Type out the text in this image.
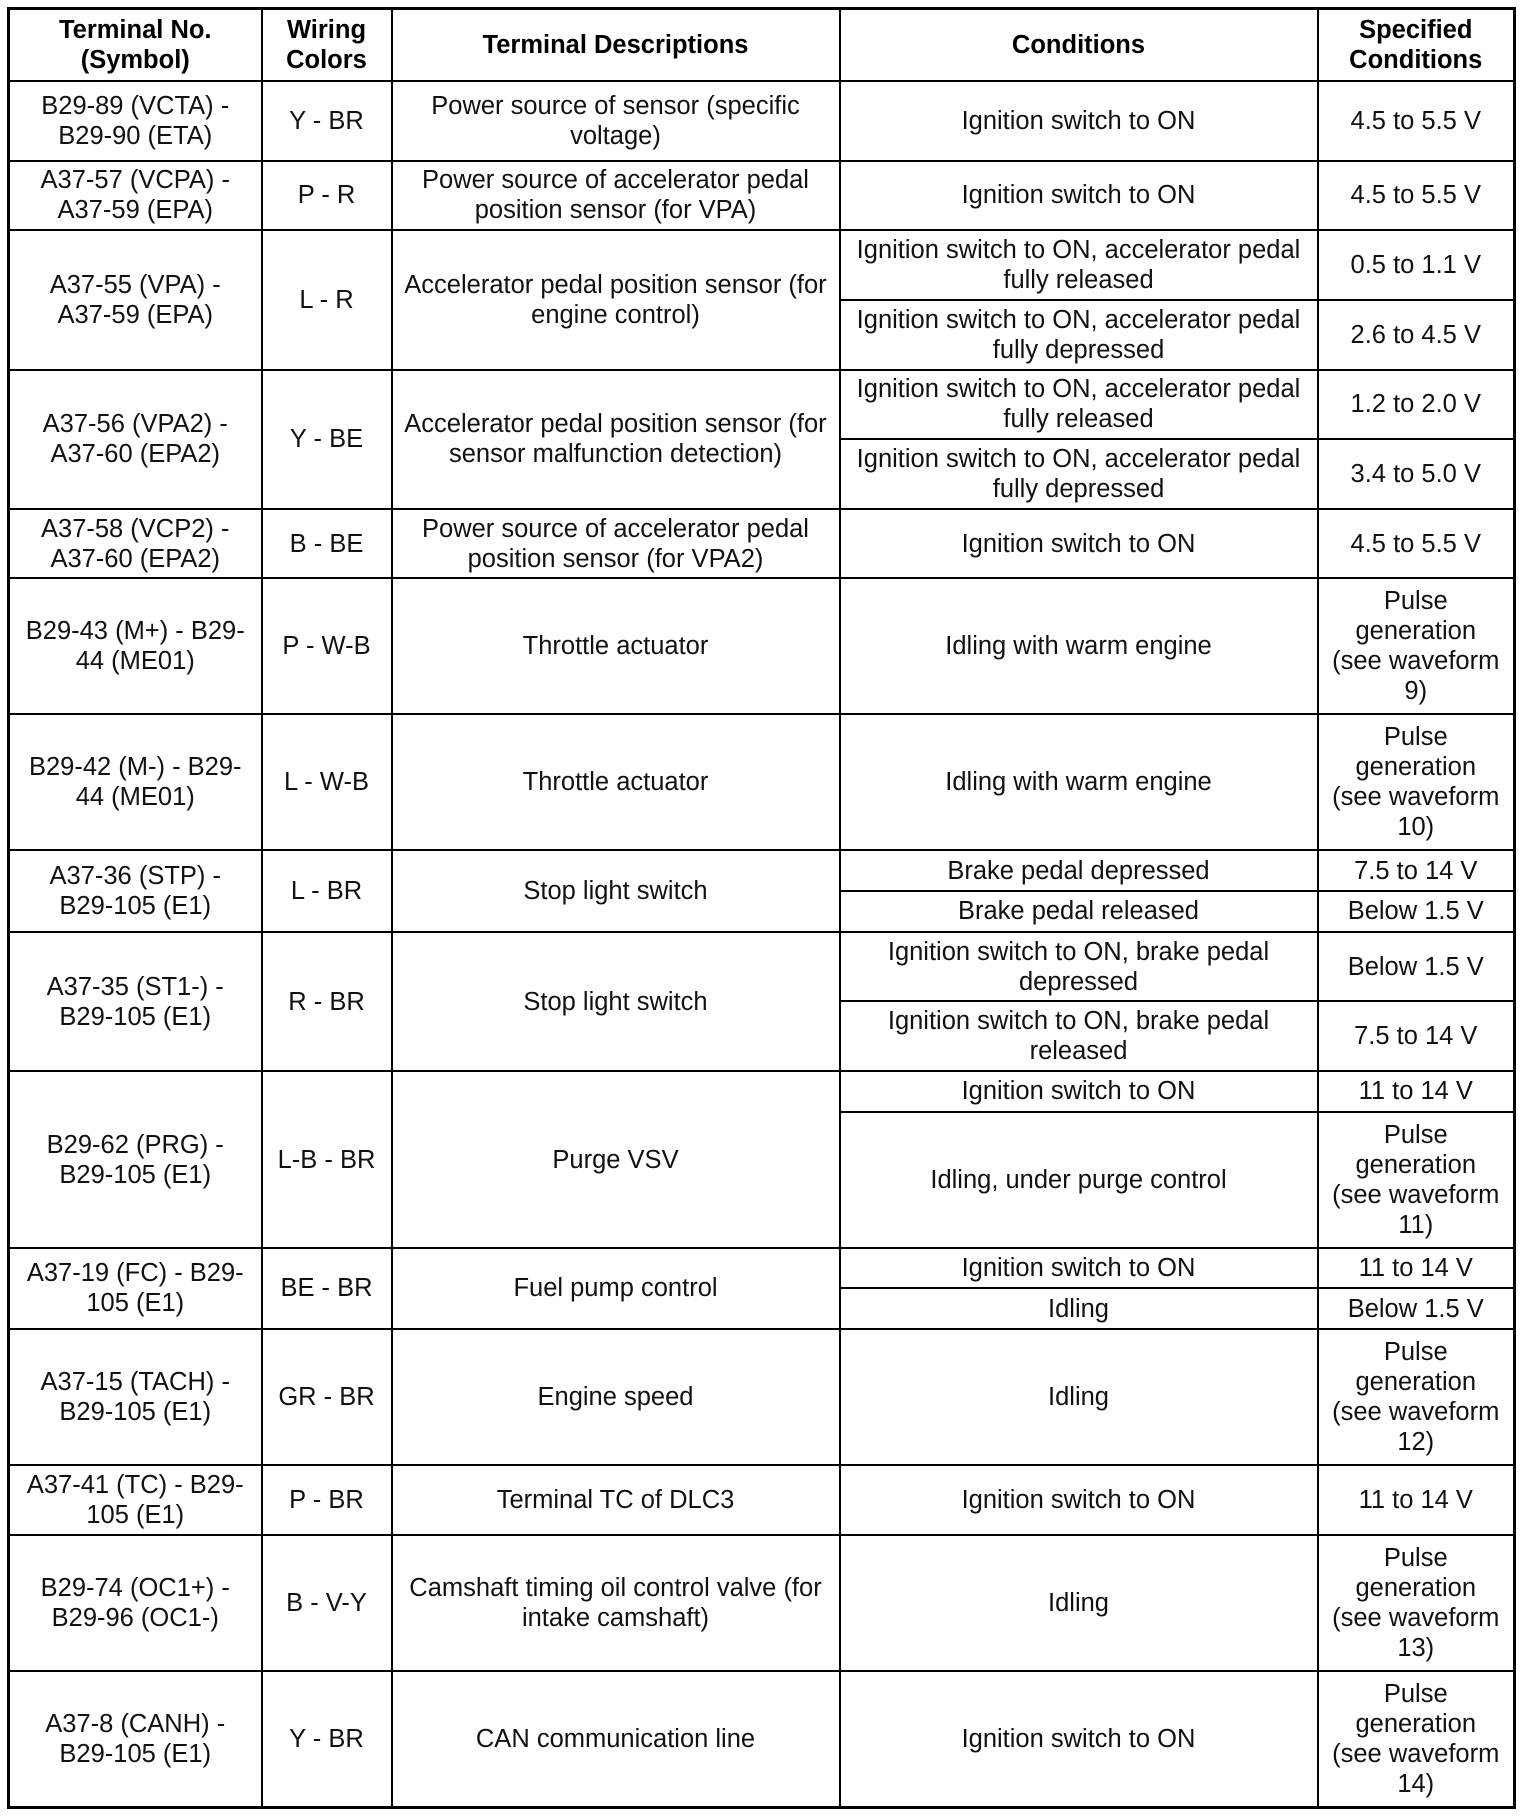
Terminal No. (Symbol)	Wiring Colors	Terminal Descriptions	Conditions	Specified Conditions
B29-89 (VCTA) - B29-90 (ETA)	Y - BR	Power source of sensor (specific voltage)	Ignition switch to ON	4.5 to 5.5 V
A37-57 (VCPA) - A37-59 (EPA)	P - R	Power source of accelerator pedal position sensor (for VPA)	Ignition switch to ON	4.5 to 5.5 V
A37-55 (VPA) - A37-59 (EPA)	L - R	Accelerator pedal position sensor (for engine control)	Ignition switch to ON, accelerator pedal fully released	0.5 to 1.1 V
			Ignition switch to ON, accelerator pedal fully depressed	2.6 to 4.5 V
A37-56 (VPA2) - A37-60 (EPA2)	Y - BE	Accelerator pedal position sensor (for sensor malfunction detection)	Ignition switch to ON, accelerator pedal fully released	1.2 to 2.0 V
			Ignition switch to ON, accelerator pedal fully depressed	3.4 to 5.0 V
A37-58 (VCP2) - A37-60 (EPA2)	B - BE	Power source of accelerator pedal position sensor (for VPA2)	Ignition switch to ON	4.5 to 5.5 V
B29-43 (M+) - B29-44 (ME01)	P - W-B	Throttle actuator	Idling with warm engine	Pulse generation (see waveform 9)
B29-42 (M-) - B29-44 (ME01)	L - W-B	Throttle actuator	Idling with warm engine	Pulse generation (see waveform 10)
A37-36 (STP) - B29-105 (E1)	L - BR	Stop light switch	Brake pedal depressed	7.5 to 14 V
			Brake pedal released	Below 1.5 V
A37-35 (ST1-) - B29-105 (E1)	R - BR	Stop light switch	Ignition switch to ON, brake pedal depressed	Below 1.5 V
			Ignition switch to ON, brake pedal released	7.5 to 14 V
B29-62 (PRG) - B29-105 (E1)	L-B - BR	Purge VSV	Ignition switch to ON	11 to 14 V
			Idling, under purge control	Pulse generation (see waveform 11)
A37-19 (FC) - B29-105 (E1)	BE - BR	Fuel pump control	Ignition switch to ON	11 to 14 V
			Idling	Below 1.5 V
A37-15 (TACH) - B29-105 (E1)	GR - BR	Engine speed	Idling	Pulse generation (see waveform 12)
A37-41 (TC) - B29-105 (E1)	P - BR	Terminal TC of DLC3	Ignition switch to ON	11 to 14 V
B29-74 (OC1+) - B29-96 (OC1-)	B - V-Y	Camshaft timing oil control valve (for intake camshaft)	Idling	Pulse generation (see waveform 13)
A37-8 (CANH) - B29-105 (E1)	Y - BR	CAN communication line	Ignition switch to ON	Pulse generation (see waveform 14)
